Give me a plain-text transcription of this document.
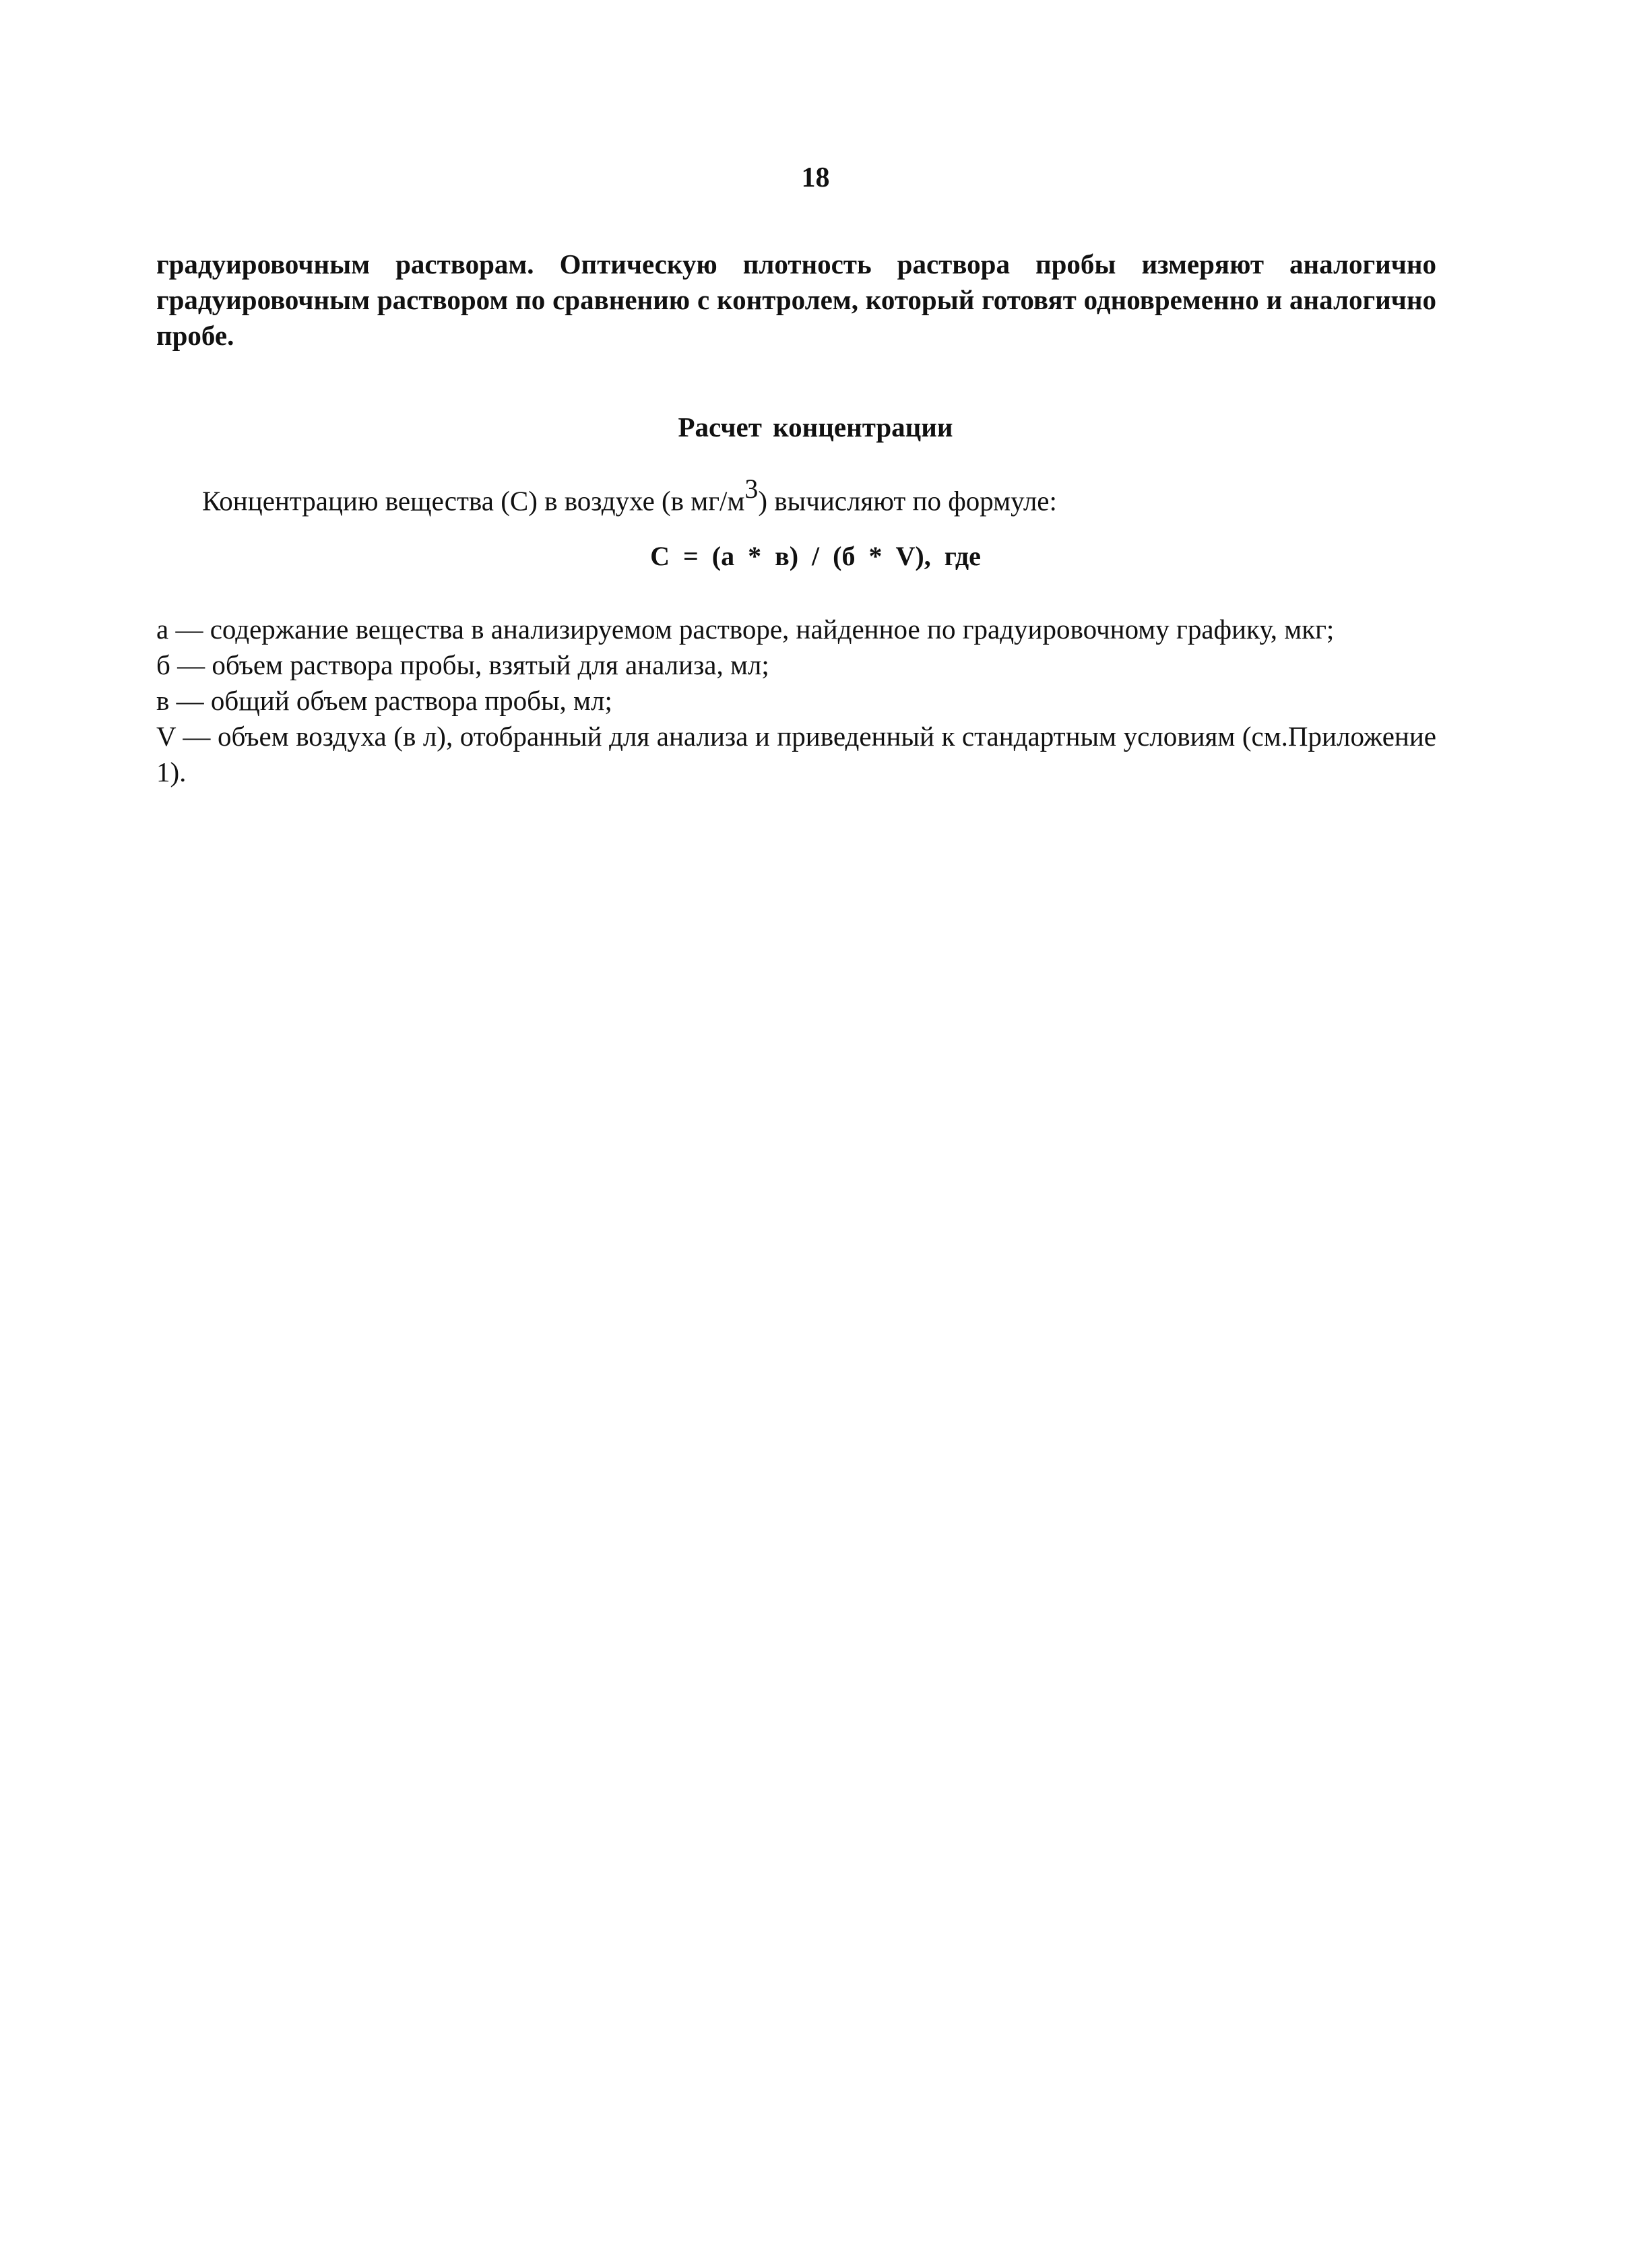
18
градуировочным растворам. Оптическую плотность раствора пробы измеряют аналогично градуировочным раствором по сравнению с контролем, который готовят одновременно и аналогично пробе.
Расчет концентрации
Концентрацию вещества (С) в воздухе (в $мг/м^3$) вычисляют по формуле:
С = (а * в) / (б * V), где
а — содержание вещества в анализируемом растворе, найденное по градуировочному графику, мкг;
б — объем раствора пробы, взятый для анализа, мл;
в — общий объем раствора пробы, мл;
V — объем воздуха (в л), отобранный для анализа и приведенный к стандартным условиям (см.Приложение 1).
